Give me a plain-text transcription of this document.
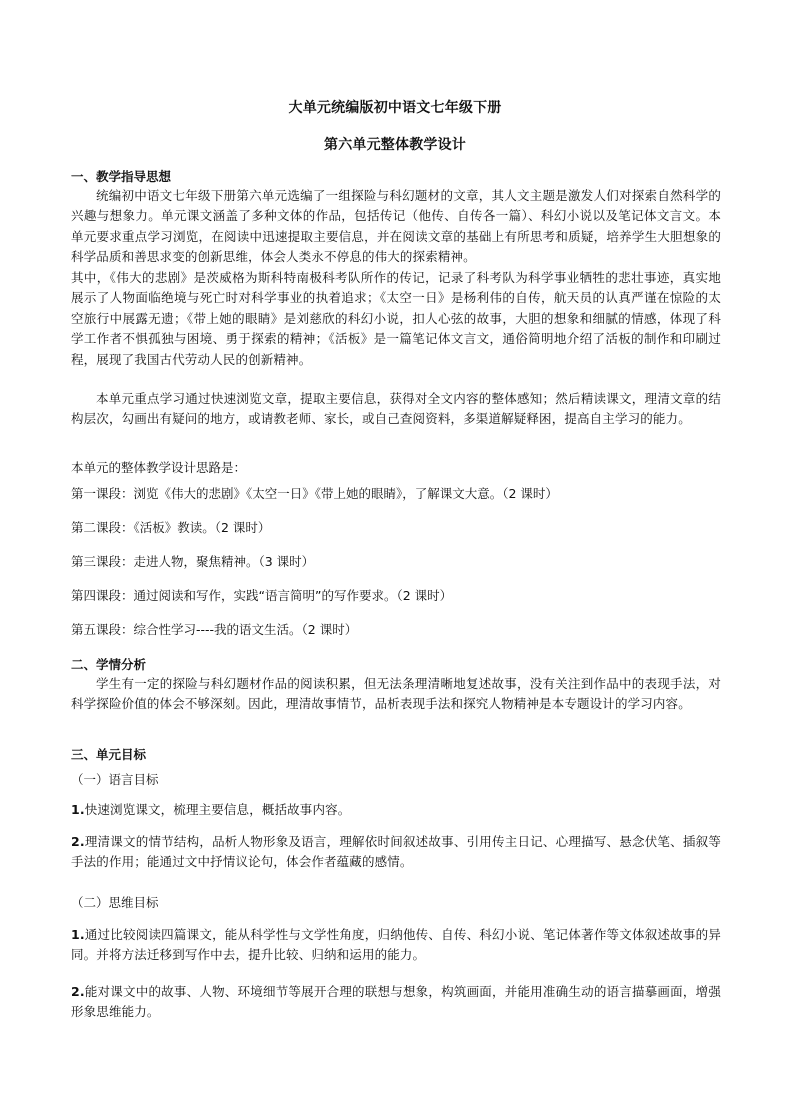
大单元统编版初中语文七年级下册
第六单元整体教学设计
一、教学指导思想
统编初中语文七年级下册第六单元选编了一组探险与科幻题材的文章，其人文主题是激发人们对探索自然科学的兴趣与想象力。单元课文涵盖了多种文体的作品，包括传记（他传、自传各一篇）、科幻小说以及笔记体文言文。本单元要求重点学习浏览，在阅读中迅速提取主要信息，并在阅读文章的基础上有所思考和质疑，培养学生大胆想象的科学品质和善思求变的创新思维，体会人类永不停息的伟大的探索精神。
其中，《伟大的悲剧》是茨威格为斯科特南极科考队所作的传记，记录了科考队为科学事业牺牲的悲壮事迹，真实地展示了人物面临绝境与死亡时对科学事业的执着追求；《太空一日》是杨利伟的自传，航天员的认真严谨在惊险的太空旅行中展露无遗；《带上她的眼睛》是刘慈欣的科幻小说，扣人心弦的故事，大胆的想象和细腻的情感，体现了科学工作者不惧孤独与困境、勇于探索的精神；《活板》是一篇笔记体文言文，通俗简明地介绍了活板的制作和印刷过程，展现了我国古代劳动人民的创新精神。
本单元重点学习通过快速浏览文章，提取主要信息，获得对全文内容的整体感知；然后精读课文，理清文章的结构层次，勾画出有疑问的地方，或请教老师、家长，或自己查阅资料，多渠道解疑释困，提高自主学习的能力。
本单元的整体教学设计思路是：
第一课段：浏览《伟大的悲剧》《太空一日》《带上她的眼睛》，了解课文大意。（2 课时）
第二课段：《活板》教读。（2 课时）
第三课段：走进人物，聚焦精神。（3 课时）
第四课段：通过阅读和写作，实践“语言简明”的写作要求。（2 课时）
第五课段：综合性学习----我的语文生活。（2 课时）
二、学情分析
学生有一定的探险与科幻题材作品的阅读积累，但无法条理清晰地复述故事，没有关注到作品中的表现手法，对科学探险价值的体会不够深刻。因此，理清故事情节，品析表现手法和探究人物精神是本专题设计的学习内容。
三、单元目标
（一）语言目标
1.快速浏览课文，梳理主要信息，概括故事内容。
2.理清课文的情节结构，品析人物形象及语言，理解依时间叙述故事、引用传主日记、心理描写、悬念伏笔、插叙等手法的作用；能通过文中抒情议论句，体会作者蕴藏的感情。
（二）思维目标
1.通过比较阅读四篇课文，能从科学性与文学性角度，归纳他传、自传、科幻小说、笔记体著作等文体叙述故事的异同。并将方法迁移到写作中去，提升比较、归纳和运用的能力。
2.能对课文中的故事、人物、环境细节等展开合理的联想与想象，构筑画面，并能用准确生动的语言描摹画面，增强形象思维能力。
